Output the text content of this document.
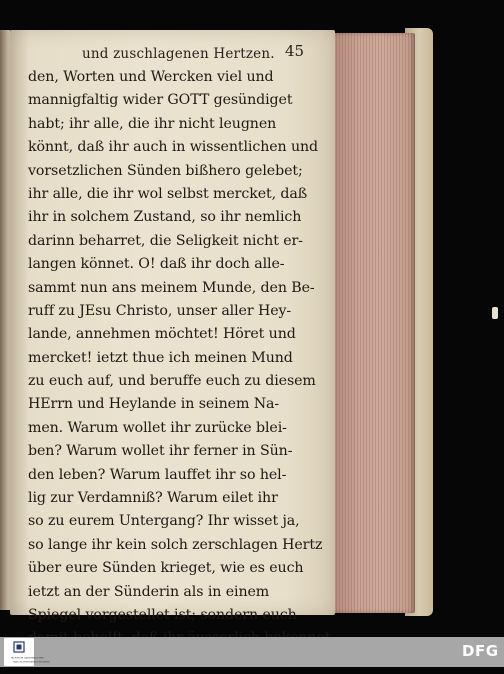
und zuschlagenen Hertzen. 45
den, Worten und Wercken viel und
mannigfaltig wider GOTT gesündiget
habt; ihr alle, die ihr nicht leugnen
könnt, daß ihr auch in wissentlichen und
vorsetzlichen Sünden bißhero gelebet;
ihr alle, die ihr wol selbst mercket, daß
ihr in solchem Zustand, so ihr nemlich
darinn beharret, die Seligkeit nicht er-
langen könnet. O! daß ihr doch alle-
sammt nun ans meinem Munde, den Be-
ruff zu JEsu Christo, unser aller Hey-
lande, annehmen möchtet! Höret und
mercket! ietzt thue ich meinen Mund
zu euch auf, und beruffe euch zu diesem
HErrn und Heylande in seinem Na-
men. Warum wollet ihr zurücke blei-
ben? Warum wollet ihr ferner in Sün-
den leben? Warum lauffet ihr so hel-
lig zur Verdamniß? Warum eilet ihr
so zu eurem Untergang? Ihr wisset ja,
so lange ihr kein solch zerschlagen Hertz
über eure Sünden krieget, wie es euch
ietzt an der Sünderin als in einem
Spiegel vorgestellet ist; sondern euch
SÄCHSISCHE LANDESBIBLIOTHEK
STAATS- UND UNIVERSITÄTSBIBLIOTHEK DRESDEN
DFG
